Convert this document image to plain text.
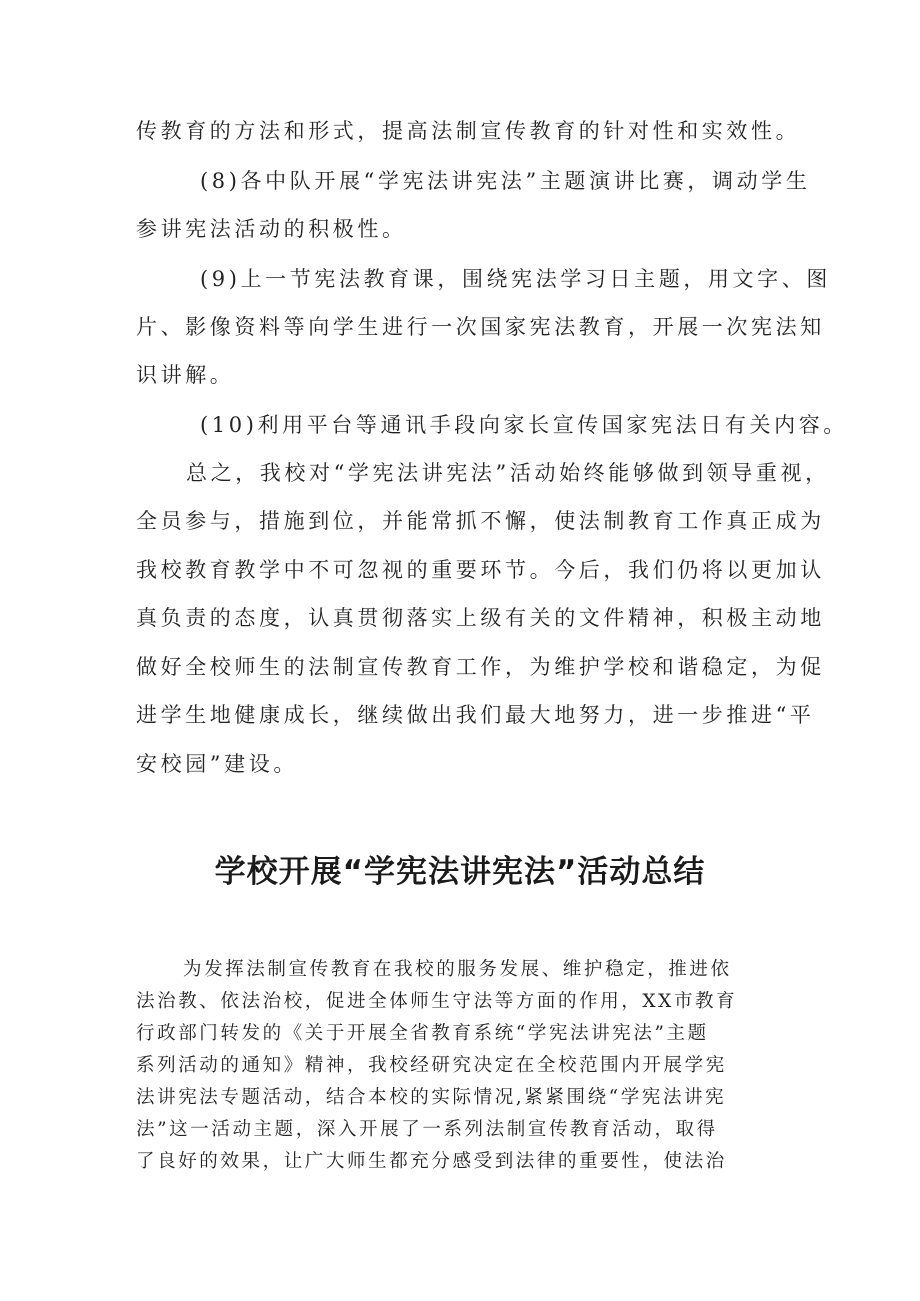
传教育的方法和形式，提高法制宣传教育的针对性和实效性。
(8)各中队开展“学宪法讲宪法”主题演讲比赛，调动学生
参讲宪法活动的积极性。
(9)上一节宪法教育课，围绕宪法学习日主题，用文字、图
片、影像资料等向学生进行一次国家宪法教育，开展一次宪法知
识讲解。
(10)利用平台等通讯手段向家长宣传国家宪法日有关内容。
总之，我校对“学宪法讲宪法”活动始终能够做到领导重视，
全员参与，措施到位，并能常抓不懈，使法制教育工作真正成为
我校教育教学中不可忽视的重要环节。今后，我们仍将以更加认
真负责的态度，认真贯彻落实上级有关的文件精神，积极主动地
做好全校师生的法制宣传教育工作，为维护学校和谐稳定，为促
进学生地健康成长，继续做出我们最大地努力，进一步推进“平
安校园”建设。
学校开展“学宪法讲宪法”活动总结
为发挥法制宣传教育在我校的服务发展、维护稳定，推进依
法治教、依法治校，促进全体师生守法等方面的作用，XX市教育
行政部门转发的《关于开展全省教育系统“学宪法讲宪法”主题
系列活动的通知》精神，我校经研究决定在全校范围内开展学宪
法讲宪法专题活动，结合本校的实际情况,紧紧围绕“学宪法讲宪
法”这一活动主题，深入开展了一系列法制宣传教育活动，取得
了良好的效果，让广大师生都充分感受到法律的重要性，使法治
